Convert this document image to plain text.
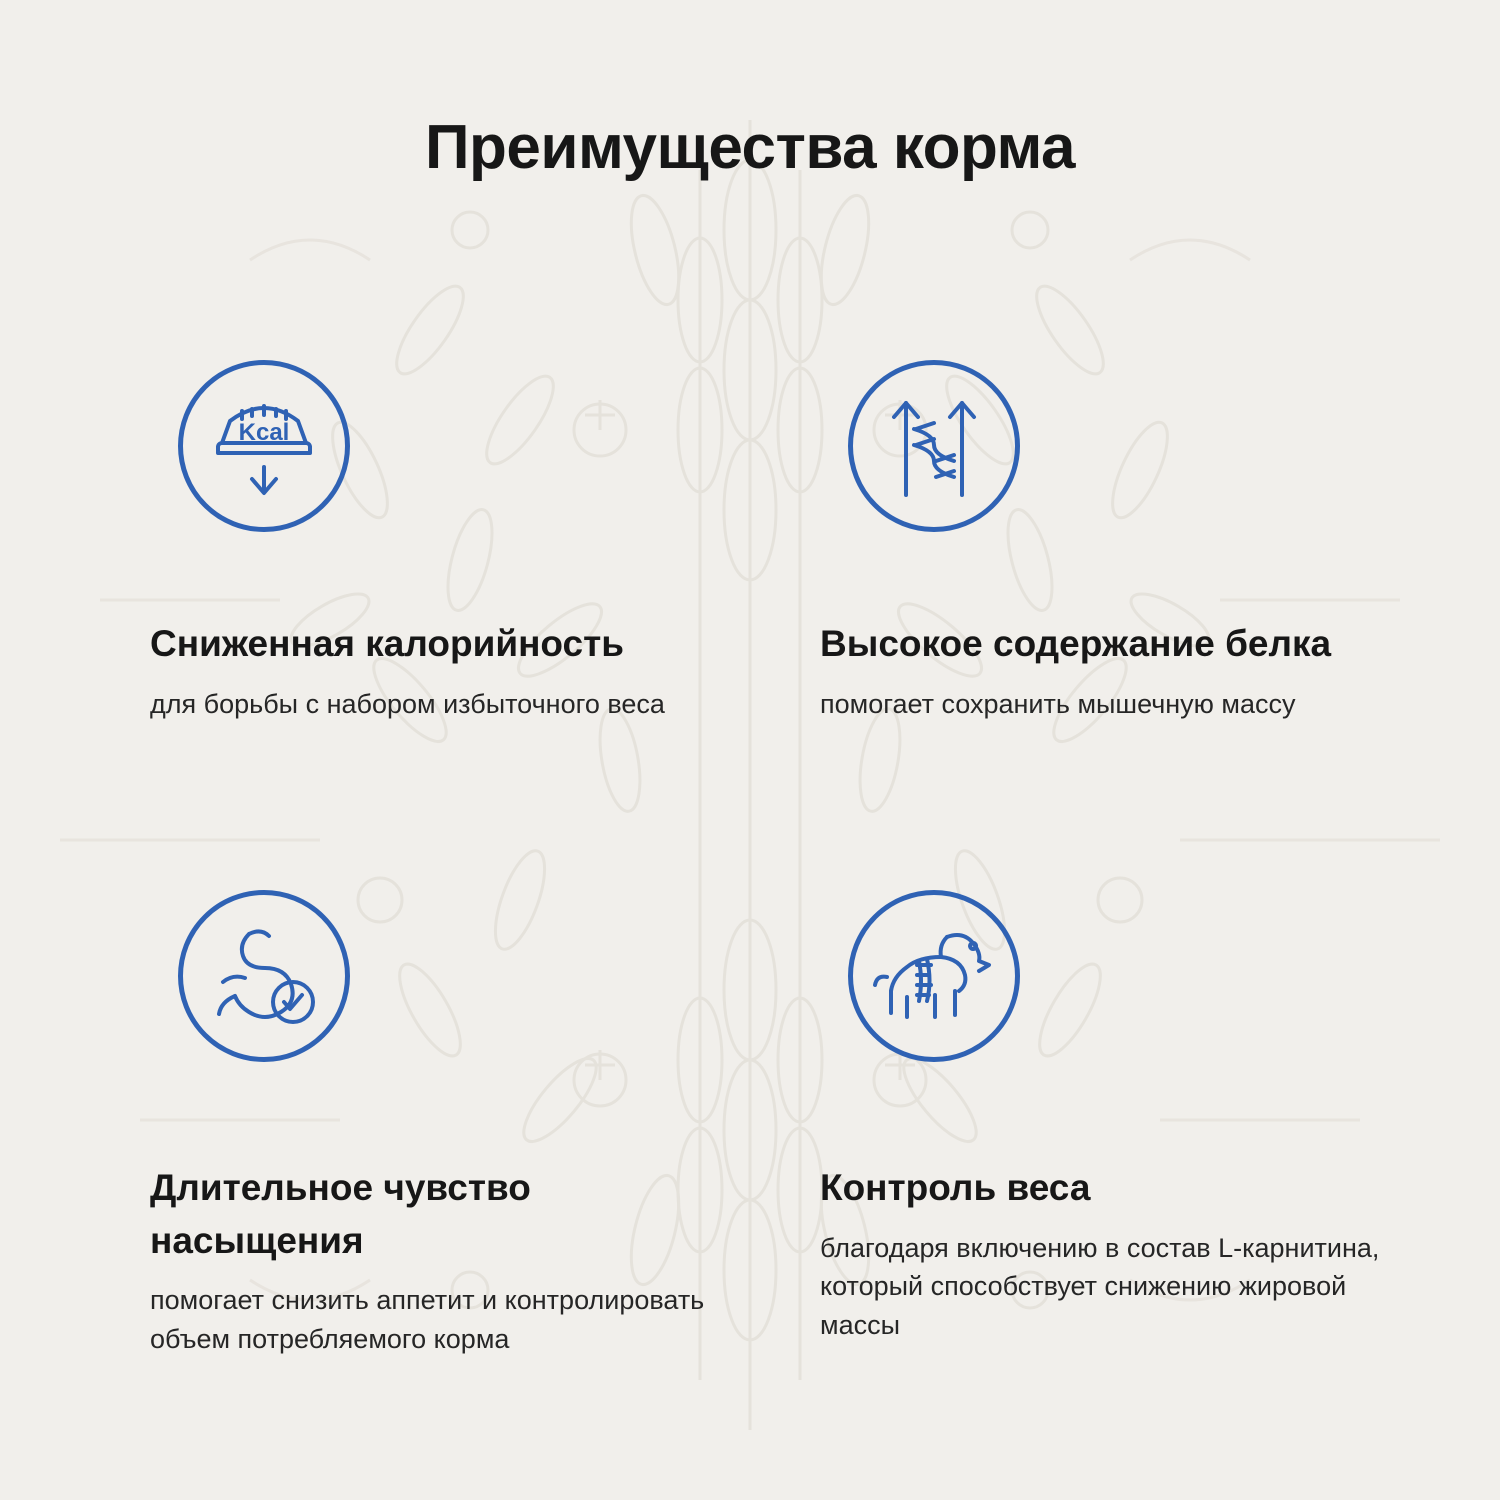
Преимущества корма
Kcal
Сниженная калорийность
для борьбы с набором избыточного веса
Высокое содержание белка
помогает сохранить мышечную массу
Длительное чувство насыщения
помогает снизить аппетит и контролировать объем потребляемого корма
Контроль веса
благодаря включению в состав L-карнитина, который способствует снижению жировой массы
